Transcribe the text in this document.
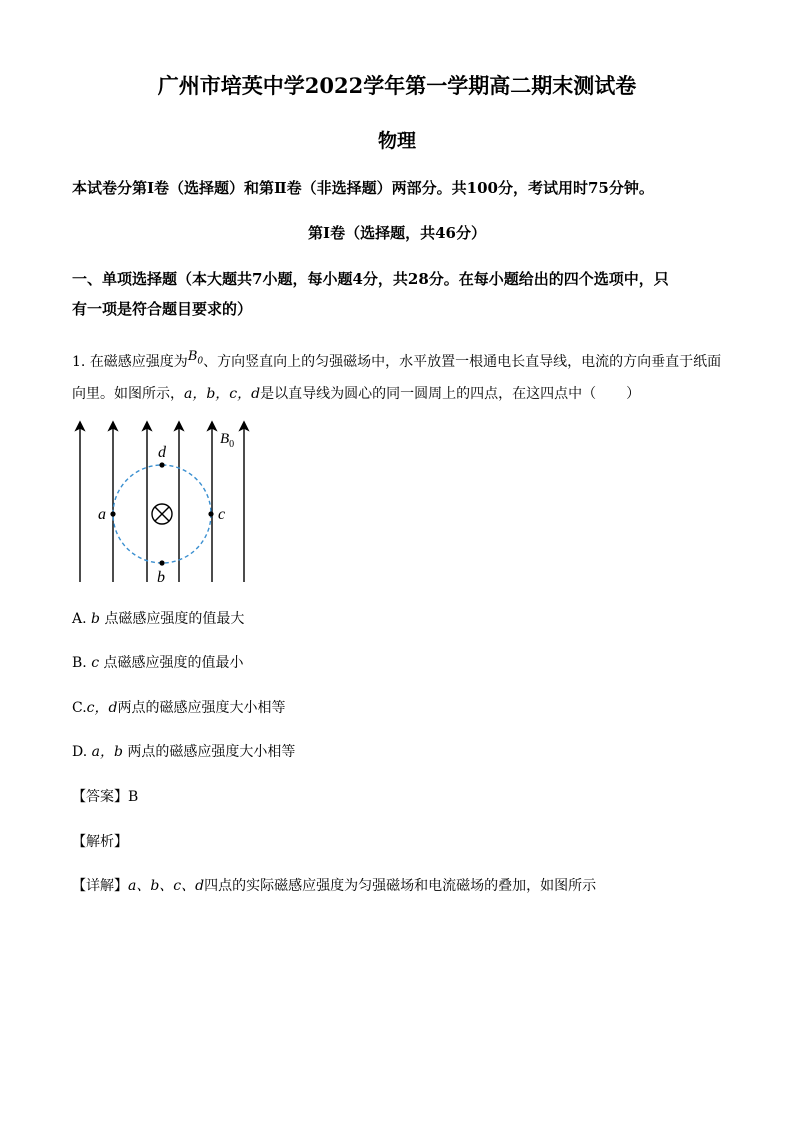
广州市培英中学2022学年第一学期高二期末测试卷
物理
本试卷分第Ⅰ卷（选择题）和第Ⅱ卷（非选择题）两部分。共100分，考试用时75分钟。
第Ⅰ卷（选择题，共46分）
一、单项选择题（本大题共7小题，每小题4分，共28分。在每小题给出的四个选项中，只
有一项是符合题目要求的）
1. 在磁感应强度为$B_0$、方向竖直向上的匀强磁场中，水平放置一根通电长直导线，电流的方向垂直于纸面
向里。如图所示，a，b，c，d是以直导线为圆心的同一圆周上的四点，在这四点中（ ）
a	c
d
b
$B_0$
A. b 点磁感应强度的值最大
B. c 点磁感应强度的值最小
C.c，d两点的磁感应强度大小相等
D. a，b 两点的磁感应强度大小相等
【答案】B
【解析】
【详解】a、b、c、d四点的实际磁感应强度为匀强磁场和电流磁场的叠加，如图所示
